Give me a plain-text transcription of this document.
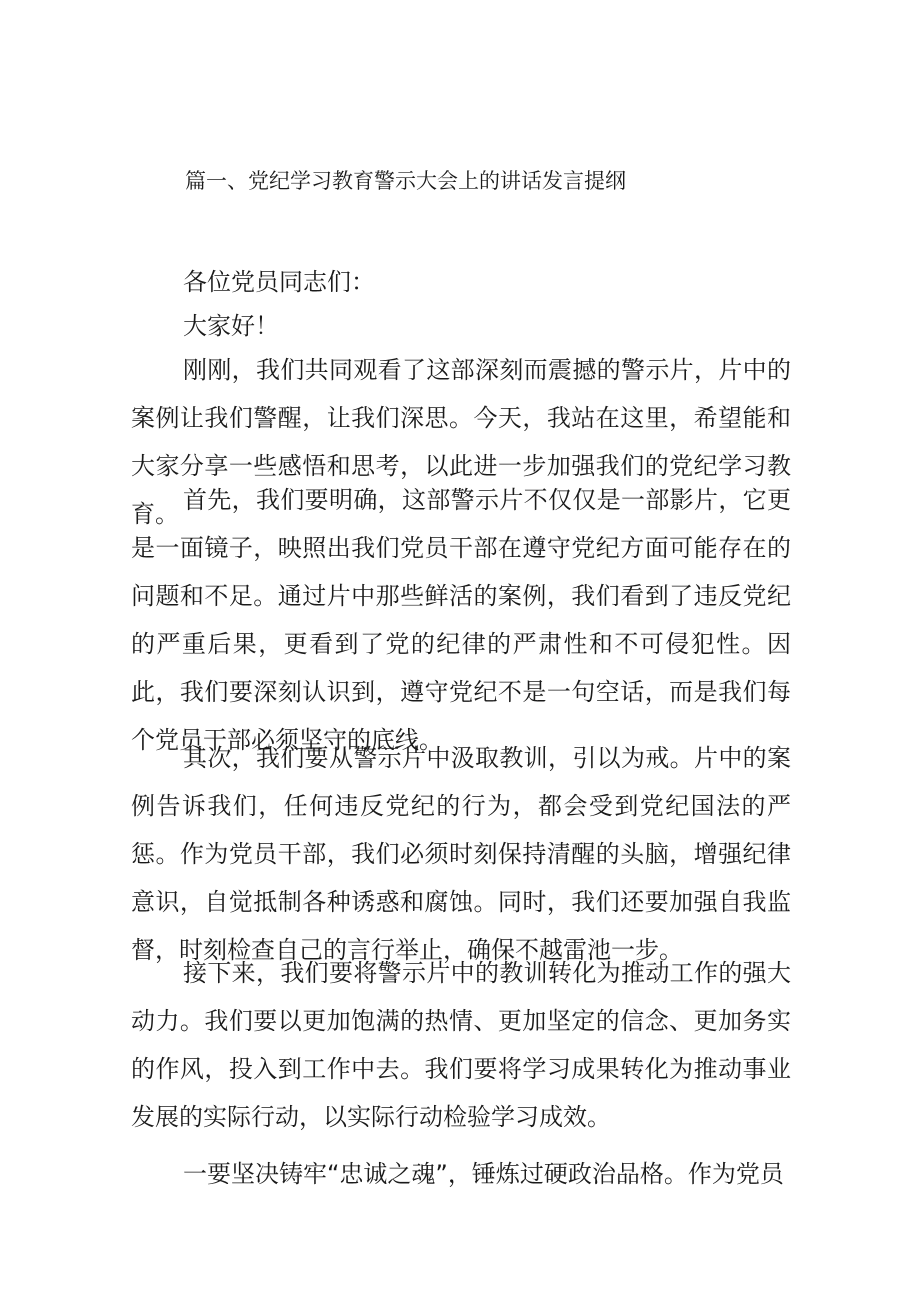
篇一、党纪学习教育警示大会上的讲话发言提纲

各位党员同志们：

大家好！

刚刚，我们共同观看了这部深刻而震撼的警示片，片中的案例让我们警醒，让我们深思。今天，我站在这里，希望能和大家分享一些感悟和思考，以此进一步加强我们的党纪学习教育。 首先，我们要明确，这部警示片不仅仅是一部影片，它更是一面镜子，映照出我们党员干部在遵守党纪方面可能存在的问题和不足。通过片中那些鲜活的案例，我们看到了违反党纪的严重后果，更看到了党的纪律的严肃性和不可侵犯性。因此，我们要深刻认识到，遵守党纪不是一句空话，而是我们每个党员干部必须坚守的底线。

其次，我们要从警示片中汲取教训，引以为戒。片中的案例告诉我们，任何违反党纪的行为，都会受到党纪国法的严惩。作为党员干部，我们必须时刻保持清醒的头脑，增强纪律意识，自觉抵制各种诱惑和腐蚀。同时，我们还要加强自我监督，时刻检查自己的言行举止，确保不越雷池一步。

接下来，我们要将警示片中的教训转化为推动工作的强大动力。我们要以更加饱满的热情、更加坚定的信念、更加务实的作风，投入到工作中去。我们要将学习成果转化为推动事业发展的实际行动，以实际行动检验学习成效。

一要坚决铸牢“忠诚之魂”，锤炼过硬政治品格。作为党员
